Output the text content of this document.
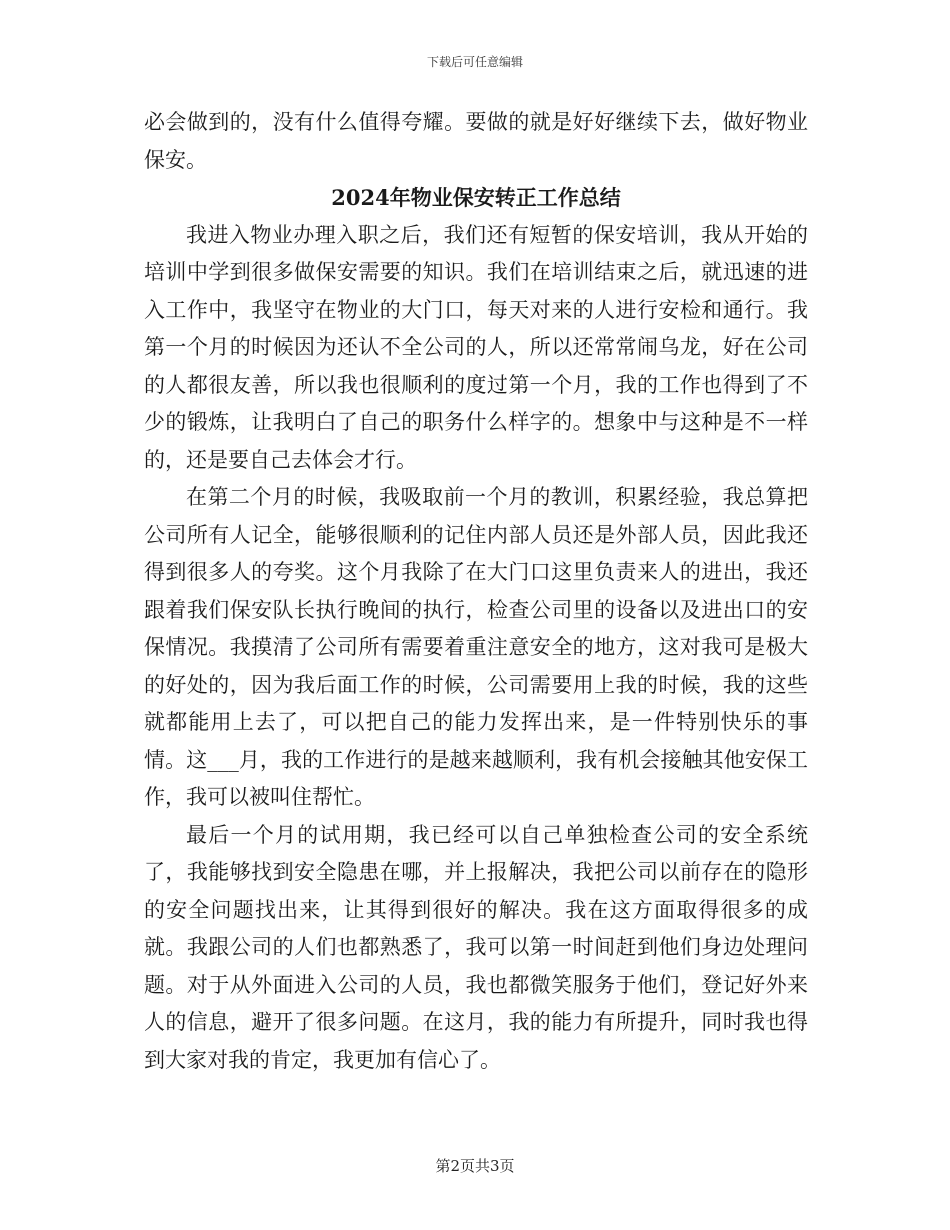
下载后可任意编辑

必会做到的，没有什么值得夸耀。要做的就是好好继续下去，做好物业保安。

2024年物业保安转正工作总结

我进入物业办理入职之后，我们还有短暂的保安培训，我从开始的培训中学到很多做保安需要的知识。我们在培训结束之后，就迅速的进入工作中，我坚守在物业的大门口，每天对来的人进行安检和通行。我第一个月的时候因为还认不全公司的人，所以还常常闹乌龙，好在公司的人都很友善，所以我也很顺利的度过第一个月，我的工作也得到了不少的锻炼，让我明白了自己的职务什么样字的。想象中与这种是不一样的，还是要自己去体会才行。

在第二个月的时候，我吸取前一个月的教训，积累经验，我总算把公司所有人记全，能够很顺利的记住内部人员还是外部人员，因此我还得到很多人的夸奖。这个月我除了在大门口这里负责来人的进出，我还跟着我们保安队长执行晚间的执行，检查公司里的设备以及进出口的安保情况。我摸清了公司所有需要着重注意安全的地方，这对我可是极大的好处的，因为我后面工作的时候，公司需要用上我的时候，我的这些就都能用上去了，可以把自己的能力发挥出来，是一件特别快乐的事情。这___月，我的工作进行的是越来越顺利，我有机会接触其他安保工作，我可以被叫住帮忙。

最后一个月的试用期，我已经可以自己单独检查公司的安全系统了，我能够找到安全隐患在哪，并上报解决，我把公司以前存在的隐形的安全问题找出来，让其得到很好的解决。我在这方面取得很多的成就。我跟公司的人们也都熟悉了，我可以第一时间赶到他们身边处理问题。对于从外面进入公司的人员，我也都微笑服务于他们，登记好外来人的信息，避开了很多问题。在这月，我的能力有所提升，同时我也得到大家对我的肯定，我更加有信心了。

第2页共3页
